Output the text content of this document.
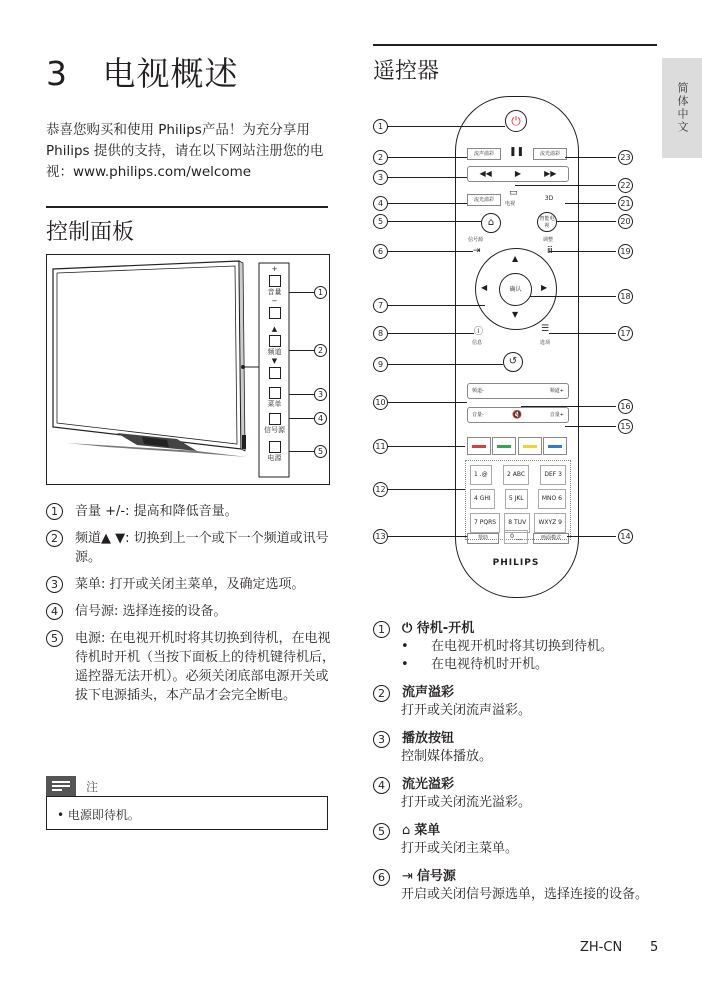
3 电视概述
恭喜您购买和使用 Philips产品！为充分享用Philips 提供的支持，请在以下网站注册您的电视：www.philips.com/welcome
控制面板
+
音量
−
▲
频道
▼
菜单
信号源
电源
1
2
3
4
5
1	音量 +/-: 提高和降低音量。
2	频道▲ ▼: 切换到上一个或下一个频道或讯号源。
3	菜单: 打开或关闭主菜单，及确定选项。
4	信号源: 选择连接的设备。
5	电源: 在电视开机时将其切换到待机，在电视待机时开机（当按下面板上的待机键待机后，遥控器无法开机）。必须关闭底部电源开关或拔下电源插头，本产品才会完全断电。
注
• 电源即待机。
遥控器
简体中文
⏻
流声溢彩	❚❚	流光溢彩
◀◀	▶	▶▶
流光溢彩
▭
电视
3D
⌂	智能电视
信号源
⇥
调整
ⅲ
确认
▲
▼
◀	▶
ⓘ
信息
☰
选项
↺
频道-	频道+
音量-	🔇	音量+
1 .@	2 ABC	DEF 3
4 GHI	5 JKL	MNO 6
7 PQRS	8 TUV	WXYZ 9
帮助	0 __	画面模式
PHILIPS
1
2
3
4
5
6
7
8
9
10
11
12
13
23
22
21
20
19
18
17
16
15
14
1	⏻ 待机-开机
•	在电视开机时将其切换到待机。
•	在电视待机时开机。
2	流声溢彩
打开或关闭流声溢彩。
3	播放按钮
控制媒体播放。
4	流光溢彩
打开或关闭流光溢彩。
5	⌂ 菜单
打开或关闭主菜单。
6	⇥ 信号源
开启或关闭信号源选单，选择连接的设备。
ZH-CN 5
